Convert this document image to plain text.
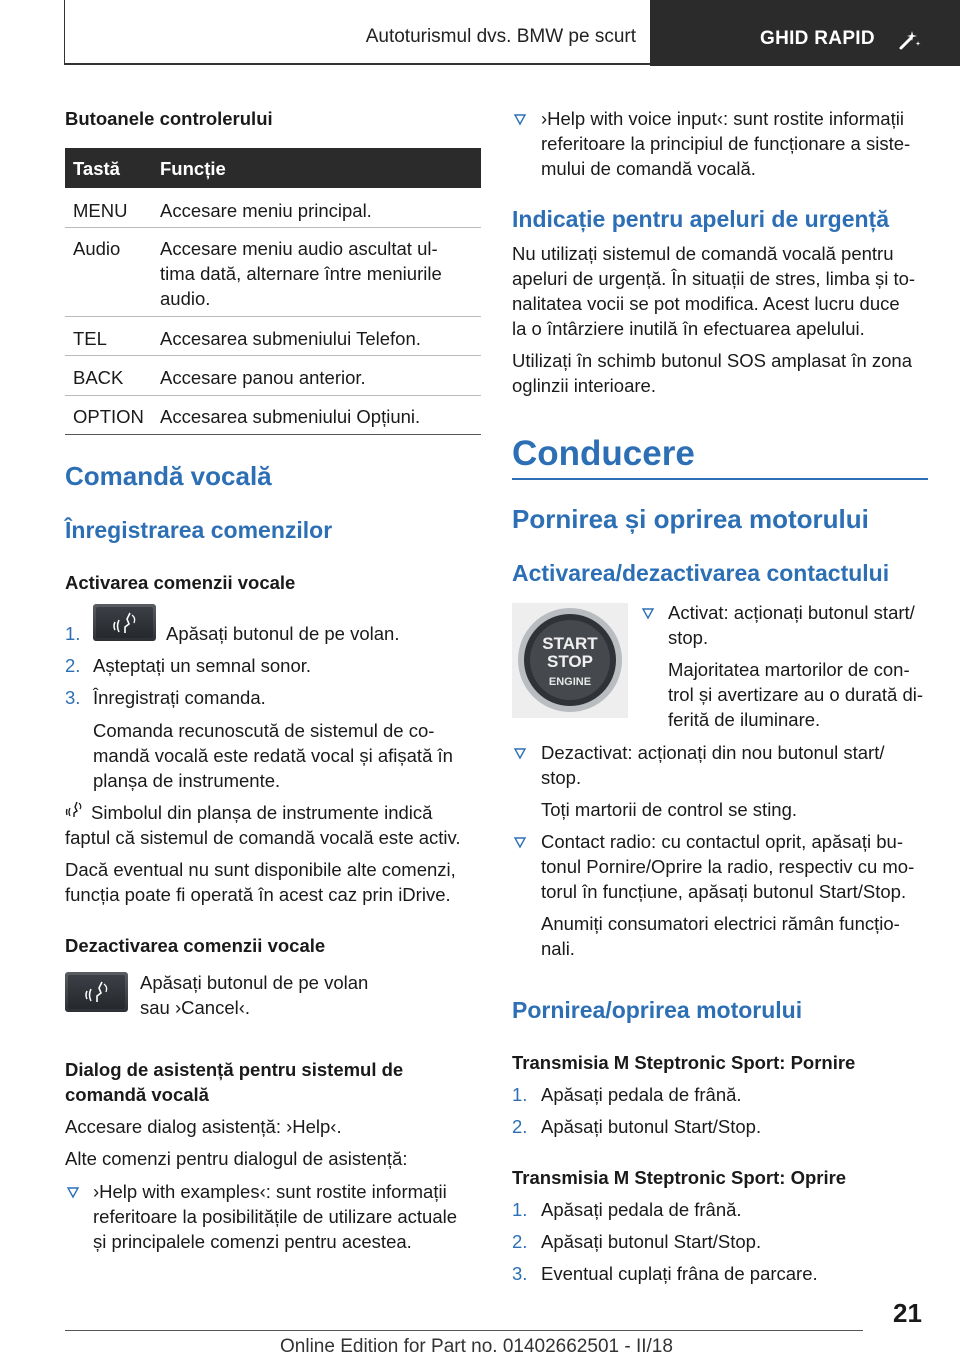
Autoturismul dvs. BMW pe scurt	GHID RAPID
Butoanele controlerului
Tastă Funcție
MENU Accesare meniu principal.
Audio Accesare meniu audio ascultat ul-
tima dată, alternare între meniurile
audio.
TEL	Accesarea submeniului Telefon.
BACK Accesare panou anterior.
OPTION Accesarea submeniului Opțiuni.
Comandă vocală
Înregistrarea comenzilor
Activarea comenzii vocale
1.	Apăsați butonul de pe volan.
2. Așteptați un semnal sonor.
3. Înregistrați comanda.
Comanda recunoscută de sistemul de co-
mandă vocală este redată vocal și afișată în
planșa de instrumente.
Simbolul din planșa de instrumente indică
faptul că sistemul de comandă vocală este activ.
Dacă eventual nu sunt disponibile alte comenzi,
funcția poate fi operată în acest caz prin iDrive.
Dezactivarea comenzii vocale
Apăsați butonul de pe volan
sau ›Cancel‹.
Dialog de asistență pentru sistemul de
comandă vocală
Accesare dialog asistență: ›Help‹.
Alte comenzi pentru dialogul de asistență:
›Help with examples‹: sunt rostite informații
referitoare la posibilitățile de utilizare actuale
și principalele comenzi pentru acestea.
›Help with voice input‹: sunt rostite informații
referitoare la principiul de funcționare a siste-
mului de comandă vocală.
Indicație pentru apeluri de urgență
Nu utilizați sistemul de comandă vocală pentru
apeluri de urgență. În situații de stres, limba și to-
nalitatea vocii se pot modifica. Acest lucru duce
la o întârziere inutilă în efectuarea apelului.
Utilizați în schimb butonul SOS amplasat în zona
oglinzii interioare.
Conducere
Pornirea și oprirea motorului
Activarea/dezactivarea contactului
START
STOP
ENGINE
Activat: acționați butonul start/
stop.
Majoritatea martorilor de con-
trol și avertizare au o durată di-
ferită de iluminare.
Dezactivat: acționați din nou butonul start/
stop.
Toți martorii de control se sting.
Contact radio: cu contactul oprit, apăsați bu-
tonul Pornire/Oprire la radio, respectiv cu mo-
torul în funcțiune, apăsați butonul Start/Stop.
Anumiți consumatori electrici rămân funcțio-
nali.
Pornirea/oprirea motorului
Transmisia M Steptronic Sport: Pornire
1. Apăsați pedala de frână.
2. Apăsați butonul Start/Stop.
Transmisia M Steptronic Sport: Oprire
1. Apăsați pedala de frână.
2. Apăsați butonul Start/Stop.
3. Eventual cuplați frâna de parcare.
21
Online Edition for Part no. 01402662501 - II/18
